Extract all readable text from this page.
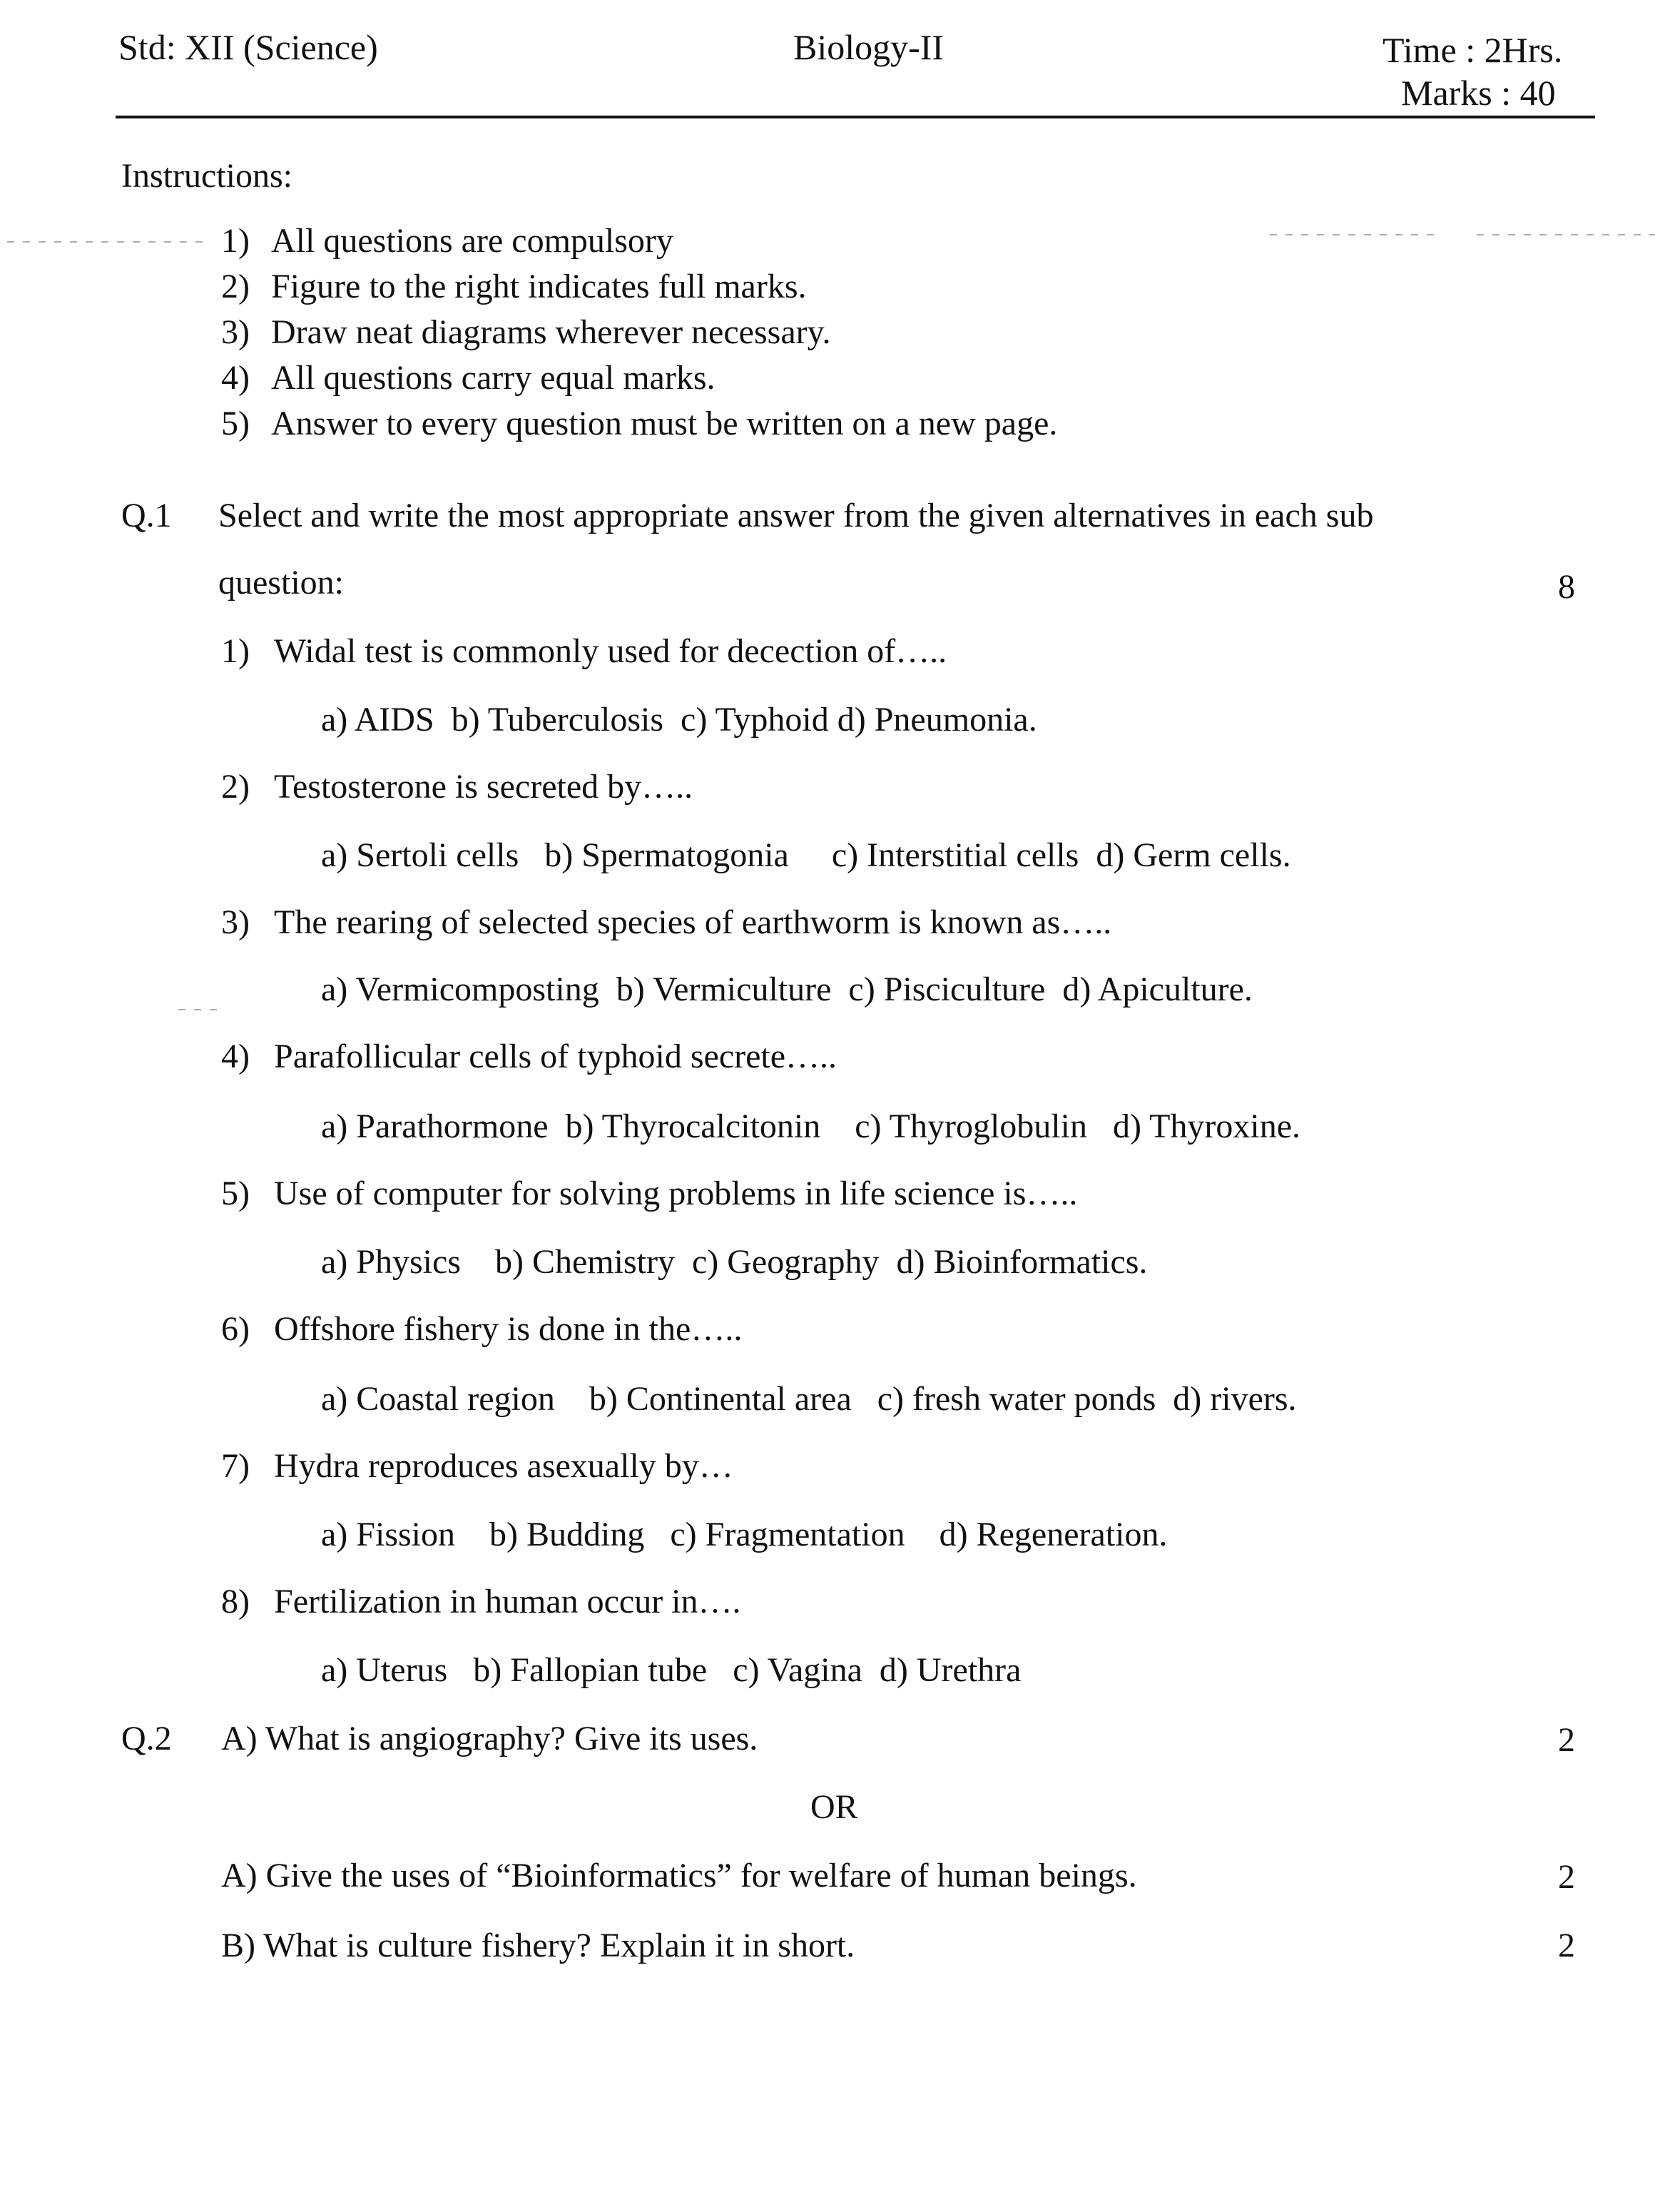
Std: XII (Science)	Biology-II	Time : 2Hrs.
Marks : 40
Instructions:
1) All questions are compulsory
2) Figure to the right indicates full marks.
3) Draw neat diagrams wherever necessary.
4) All questions carry equal marks.
5) Answer to every question must be written on a new page.
Q.1 Select and write the most appropriate answer from the given alternatives in each sub
question:	8
1) Widal test is commonly used for decection of…..
a) AIDS  b) Tuberculosis  c) Typhoid d) Pneumonia.
2) Testosterone is secreted by…..
a) Sertoli cells   b) Spermatogonia     c) Interstitial cells  d) Germ cells.
3) The rearing of selected species of earthworm is known as…..
a) Vermicomposting  b) Vermiculture  c) Pisciculture  d) Apiculture.
4) Parafollicular cells of typhoid secrete…..
a) Parathormone  b) Thyrocalcitonin    c) Thyroglobulin   d) Thyroxine.
5) Use of computer for solving problems in life science is…..
a) Physics    b) Chemistry  c) Geography  d) Bioinformatics.
6) Offshore fishery is done in the…..
a) Coastal region    b) Continental area   c) fresh water ponds  d) rivers.
7) Hydra reproduces asexually by…
a) Fission    b) Budding   c) Fragmentation    d) Regeneration.
8) Fertilization in human occur in….
a) Uterus   b) Fallopian tube   c) Vagina  d) Urethra
Q.2 A) What is angiography? Give its uses.	2
OR
A) Give the uses of “Bioinformatics” for welfare of human beings.	2
B) What is culture fishery? Explain it in short.	2
